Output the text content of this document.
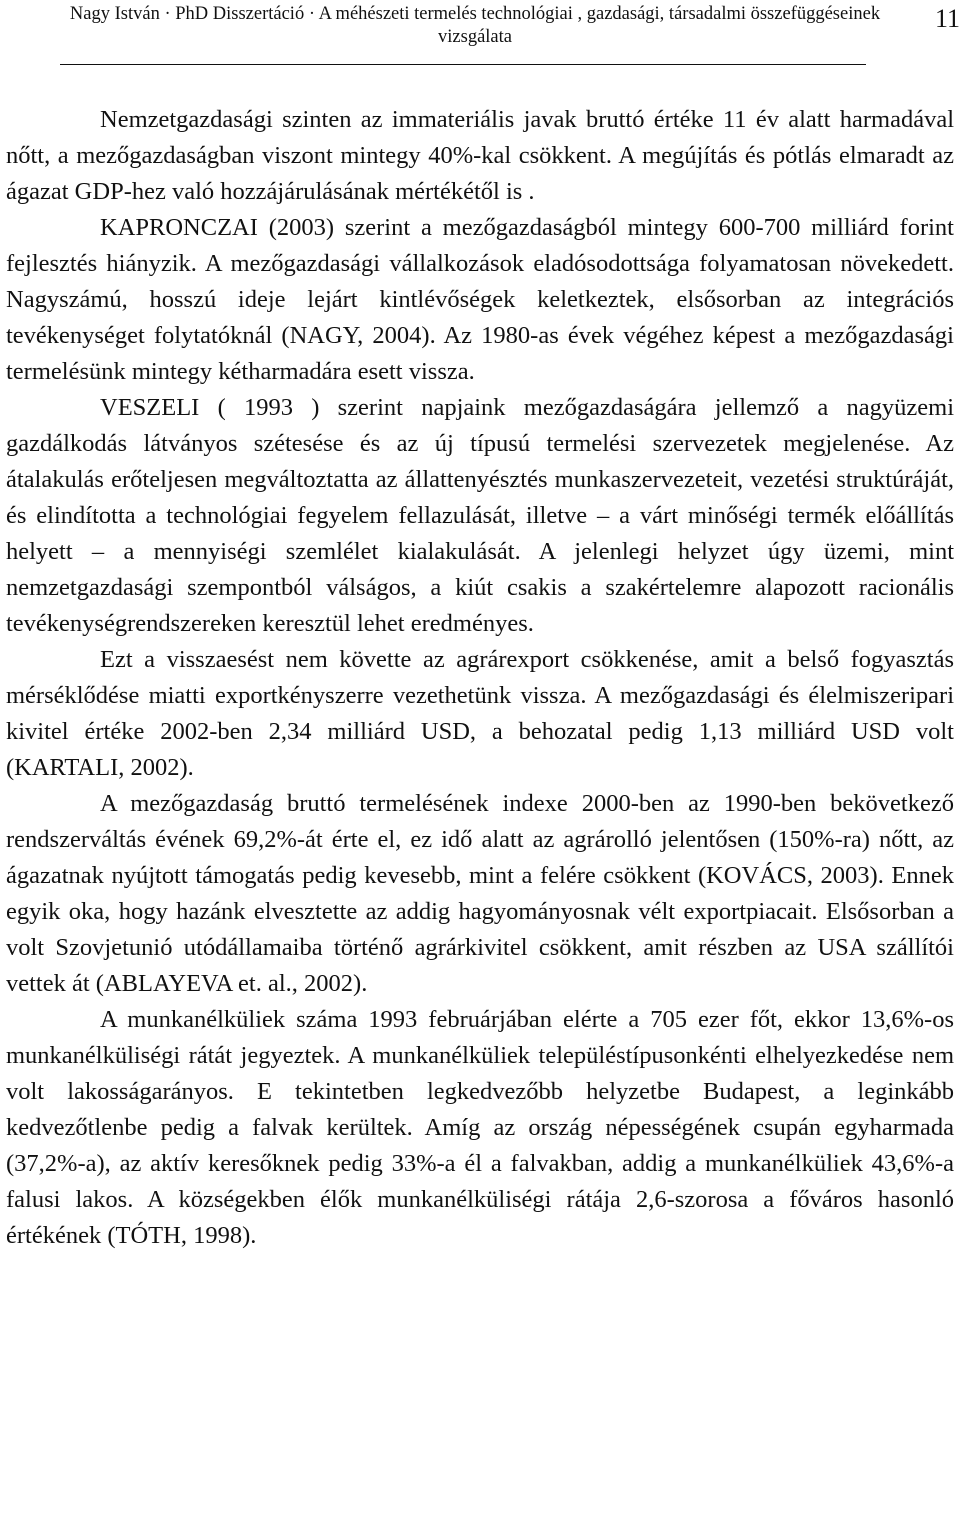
Nagy István · PhD Disszertáció · A méhészeti termelés technológiai , gazdasági, társadalmi összefüggéseinek vizsgálata
11

Nemzetgazdasági szinten az immateriális javak bruttó értéke 11 év alatt harmadával nőtt, a mezőgazdaságban viszont mintegy 40%-kal csökkent. A megújítás és pótlás elmaradt az ágazat GDP-hez való hozzájárulásának mértékétől is .

KAPRONCZAI (2003) szerint a mezőgazdaságból mintegy 600-700 milliárd forint fejlesztés hiányzik. A mezőgazdasági vállalkozások eladósodottsága folyamatosan növekedett. Nagyszámú, hosszú ideje lejárt kintlévőségek keletkeztek, elsősorban az integrációs tevékenységet folytatóknál (NAGY, 2004). Az 1980-as évek végéhez képest a mezőgazdasági termelésünk mintegy kétharmadára esett vissza.

VESZELI ( 1993 ) szerint napjaink mezőgazdaságára jellemző a nagyüzemi gazdálkodás látványos szétesése és az új típusú termelési szervezetek megjelenése. Az átalakulás erőteljesen megváltoztatta az állattenyésztés munkaszervezeteit, vezetési struktúráját, és elindította a technológiai fegyelem fellazulását, illetve – a várt minőségi termék előállítás helyett – a mennyiségi szemlélet kialakulását. A jelenlegi helyzet úgy üzemi, mint nemzetgazdasági szempontból válságos, a kiút csakis a szakértelemre alapozott racionális tevékenységrendszereken keresztül lehet eredményes.

Ezt a visszaesést nem követte az agrárexport csökkenése, amit a belső fogyasztás mérséklődése miatti exportkényszerre vezethetünk vissza. A mezőgazdasági és élelmiszeripari kivitel értéke 2002-ben 2,34 milliárd USD, a behozatal pedig 1,13 milliárd USD volt (KARTALI, 2002).

A mezőgazdaság bruttó termelésének indexe 2000-ben az 1990-ben bekövetkező rendszerváltás évének 69,2%-át érte el, ez idő alatt az agrárolló jelentősen (150%-ra) nőtt, az ágazatnak nyújtott támogatás pedig kevesebb, mint a felére csökkent (KOVÁCS, 2003). Ennek egyik oka, hogy hazánk elvesztette az addig hagyományosnak vélt exportpiacait. Elsősorban a volt Szovjetunió utódállamaiba történő agrárkivitel csökkent, amit részben az USA szállítói vettek át (ABLAYEVA et. al., 2002).

A munkanélküliek száma 1993 februárjában elérte a 705 ezer főt, ekkor 13,6%-os munkanélküliségi rátát jegyeztek. A munkanélküliek településtípusonkénti elhelyezkedése nem volt lakosságarányos. E tekintetben legkedvezőbb helyzetbe Budapest, a leginkább kedvezőtlenbe pedig a falvak kerültek. Amíg az ország népességének csupán egyharmada (37,2%-a), az aktív keresőknek pedig 33%-a él a falvakban, addig a munkanélküliek 43,6%-a falusi lakos. A községekben élők munkanélküliségi rátája 2,6-szorosa a főváros hasonló értékének (TÓTH, 1998).
